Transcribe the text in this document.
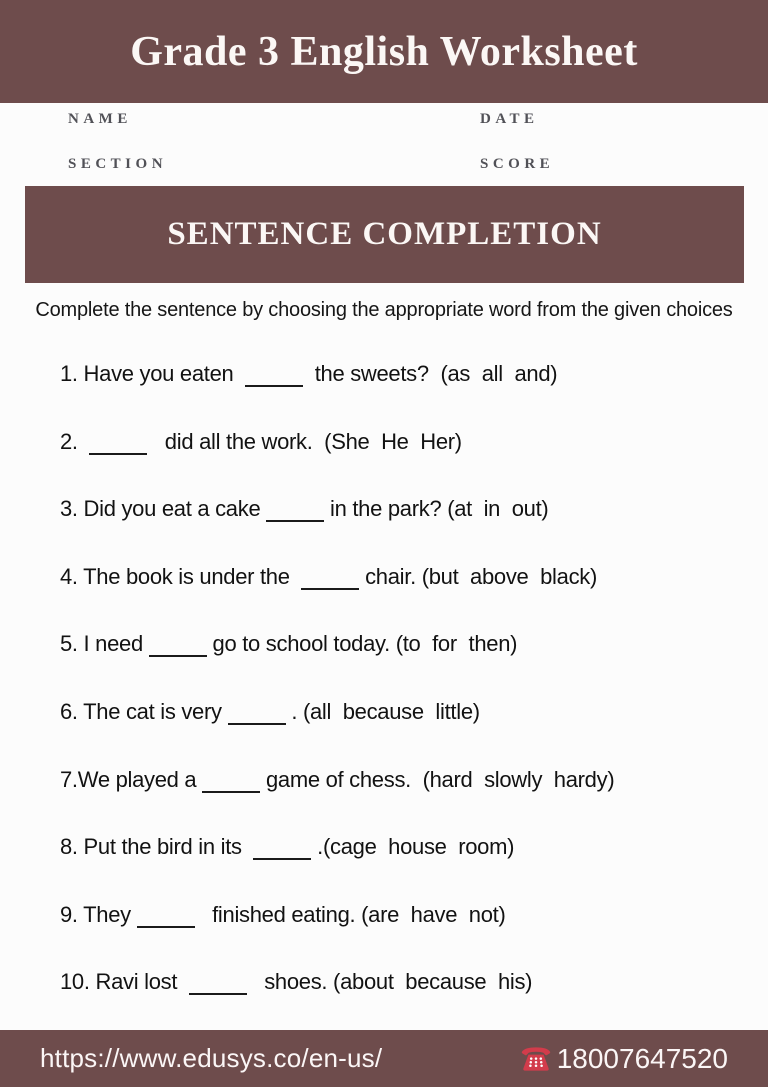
Grade 3 English Worksheet
NAME	DATE
SECTION	SCORE
SENTENCE COMPLETION

Complete the sentence by choosing the appropriate word from the given choices

1. Have you eaten	the sweets?  (as  all  and)
2.	did all the work.  (She  He  Her)
3. Did you eat a cake	in the park? (at  in  out)
4. The book is under the	chair. (but  above  black)
5. I need	go to school today. (to  for  then)
6. The cat is very	. (all  because  little)
7.We played a	game of chess.  (hard  slowly  hardy)
8. Put the bird in its	.(cage  house  room)
9. They	finished eating. (are  have  not)
10. Ravi lost	shoes. (about  because  his)
https://www.edusys.co/en-us/	18007647520
